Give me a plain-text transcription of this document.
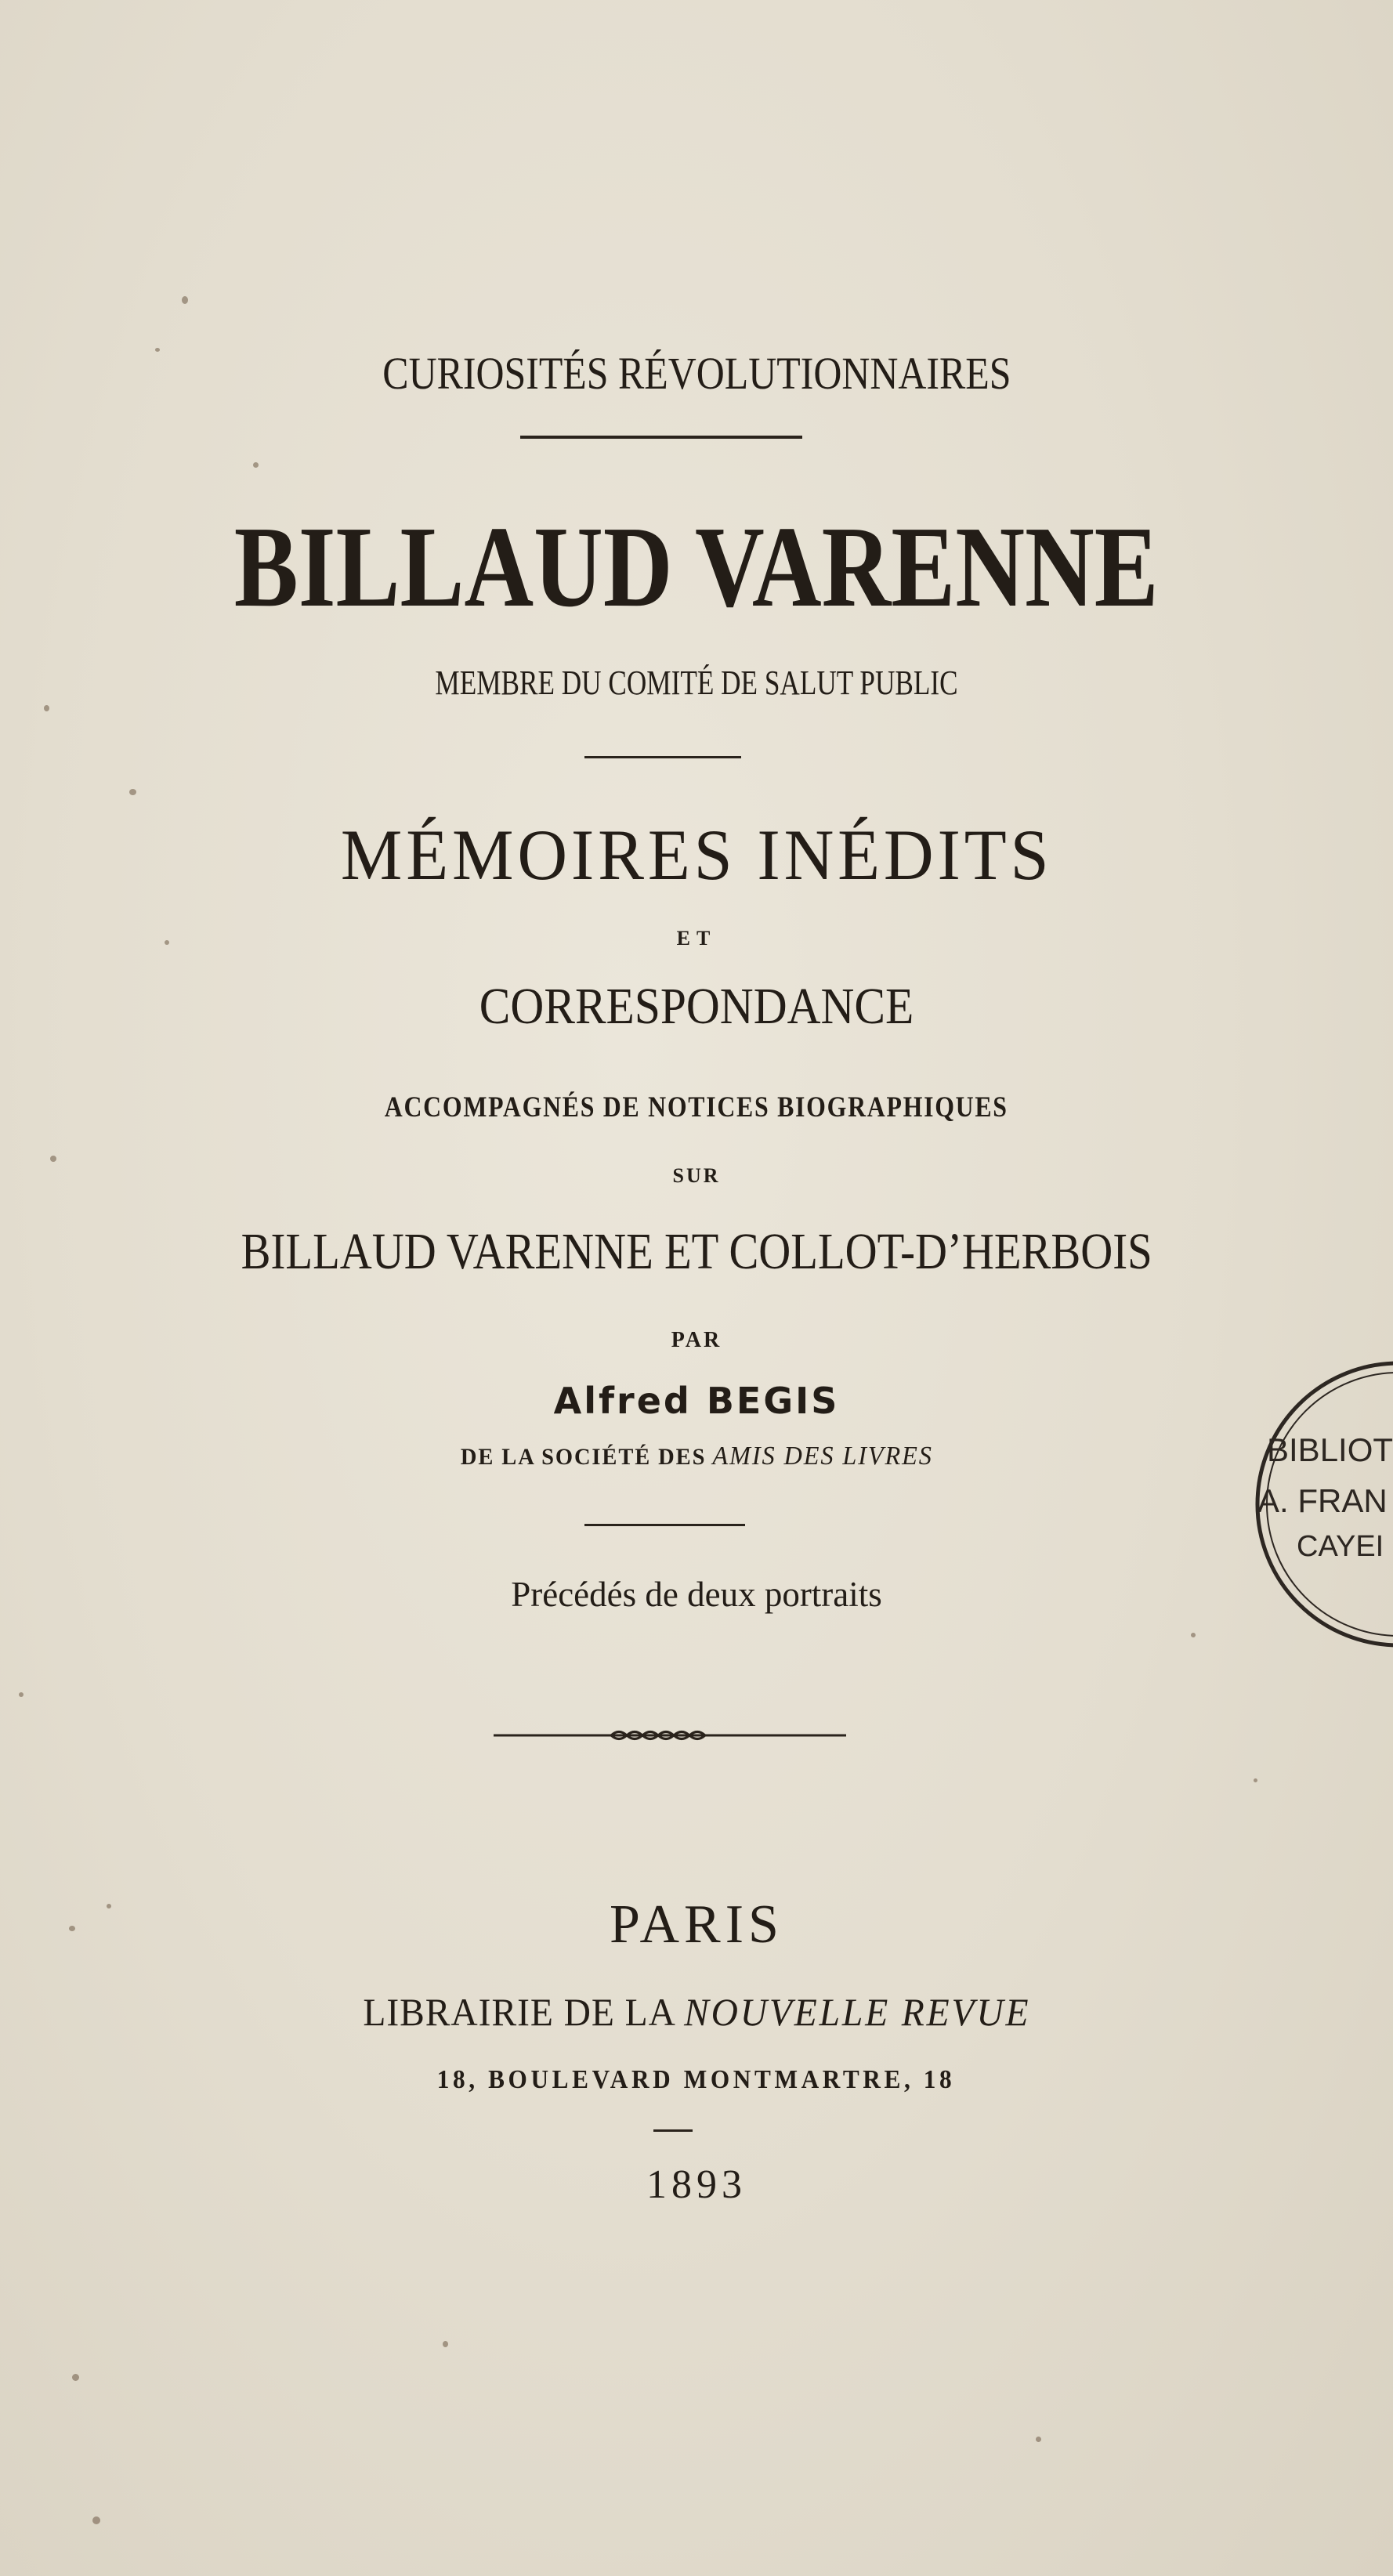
CURIOSITÉS RÉVOLUTIONNAIRES
BILLAUD VARENNE
MEMBRE DU COMITÉ DE SALUT PUBLIC
MÉMOIRES INÉDITS
ET
CORRESPONDANCE
ACCOMPAGNÉS DE NOTICES BIOGRAPHIQUES
SUR
BILLAUD VARENNE ET COLLOT-D’HERBOIS
PAR
Alfred BEGIS
DE LA SOCIÉTÉ DES AMIS DES LIVRES
Précédés de deux portraits
PARIS
LIBRAIRIE DE LA NOUVELLE REVUE
18, BOULEVARD MONTMARTRE, 18
1893
BIBLIOT
A. FRAN
CAYEI
